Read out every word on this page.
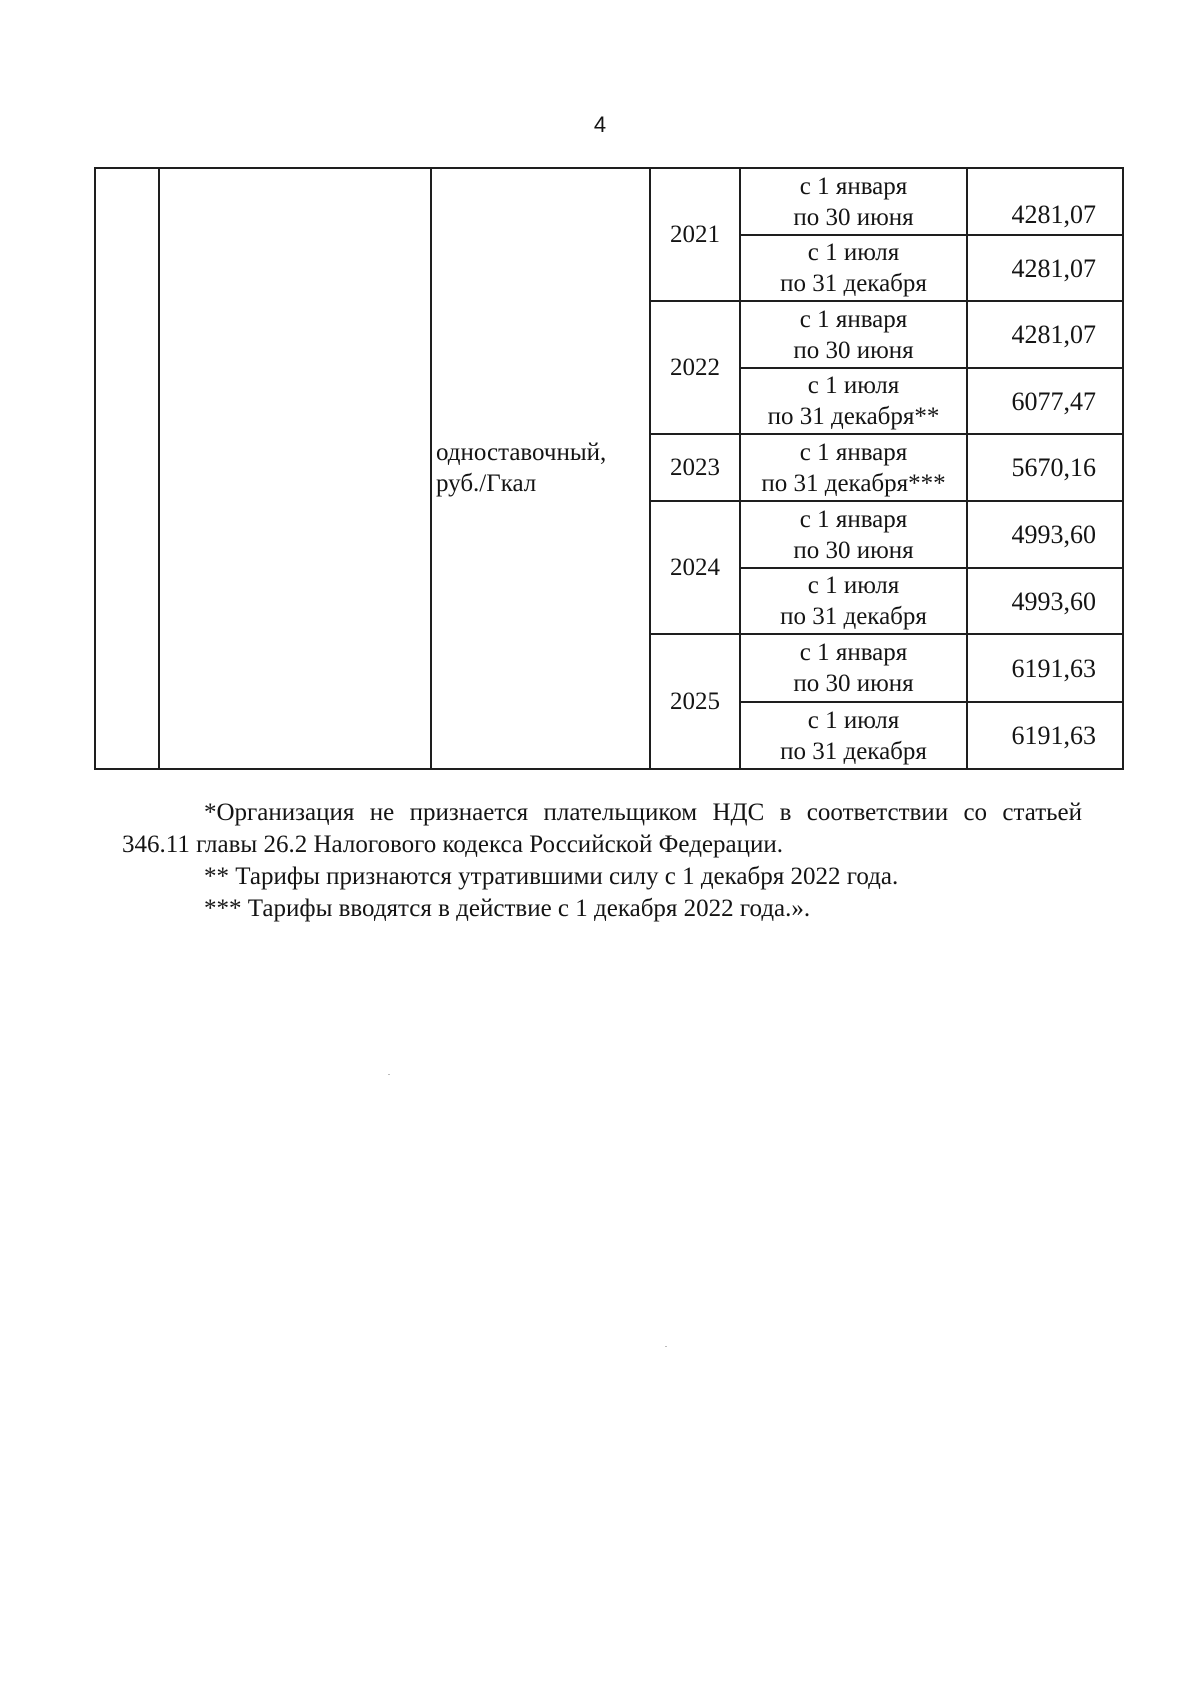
4
одноставочный,
руб./Гкал
2021
2022
2023
2024
2025
с 1 января
по 30 июня	4281,07
с 1 июля
по 31 декабря
4281,07
с 1 января
по 30 июня
4281,07
с 1 июля
по 31 декабря**
6077,47
с 1 января
по 31 декабря***
5670,16
с 1 января
по 30 июня
4993,60
с 1 июля
по 31 декабря
4993,60
с 1 января
по 30 июня
6191,63
с 1 июля
по 31 декабря
6191,63

*Организация не признается плательщиком НДС в соответствии со статьей 346.11 главы 26.2 Налогового кодекса Российской Федерации.

** Тарифы признаются утратившими силу с 1 декабря 2022 года.

*** Тарифы вводятся в действие с 1 декабря 2022 года.».
